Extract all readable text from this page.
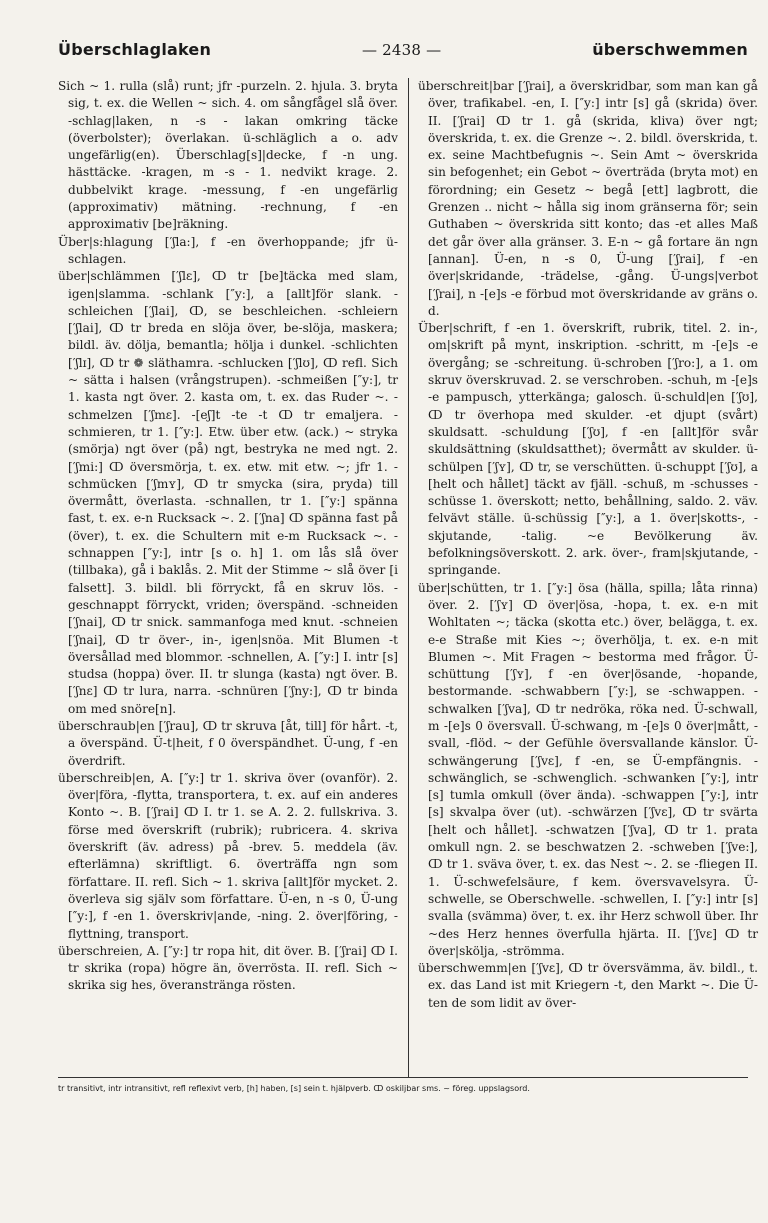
Überschlaglaken	— 2438 —	überschwemmen

Sich ~ 1. rulla (slå) runt; jfr -purzeln. 2. hjula. 3. bryta sig, t. ex. die Wellen ~ sich. 4. om sångfågel slå över. -schlag|laken, n -s - lakan omkring täcke (överbolster); överlakan. ü-schläglich a o. adv ungefärlig(en). Überschlag[s]|decke, f -n ung. hästtäcke. -kragen, m -s - 1. nedvikt krage. 2. dubbelvikt krage. -messung, f -en ungefärlig (approximativ) mätning. -rechnung, f -en approximativ [be]räkning.

Über|s:hlagung [′ʃla:], f -en överhoppande; jfr ü-schlagen.

über|schlämmen [′ʃlɛ], ↀ tr [be]täcka med slam, igen|slamma. -schlank [″y:], a [allt]för slank. -schleichen [′ʃlai], ↀ, se beschleichen. -schleiern [′ʃlai], ↀ tr breda en slöja över, be-slöja, maskera; bildl. äv. dölja, bemantla; hölja i dunkel. -schlichten [′ʃlɪ], ↀ tr ❁ släthamra. -schlucken [′ʃlʊ], ↀ refl. Sich ~ sätta i halsen (vrångstrupen). -schmeißen [″y:], tr 1. kasta ngt över. 2. kasta om, t. ex. das Ruder ~. -schmelzen [′ʃmɛ]. -[eʃ]t -te -t ↀ tr emaljera. -schmieren, tr 1. [″y:]. Etw. über etw. (ack.) ~ stryka (smörja) ngt över (på) ngt, bestryka ne med ngt. 2. [′ʃmi:] ↀ översmörja, t. ex. etw. mit etw. ~; jfr 1. -schmücken [′ʃmʏ], ↀ tr smycka (sira, pryda) till övermått, överlasta. -schnallen, tr 1. [″y:] spänna fast, t. ex. e-n Rucksack ~. 2. [′ʃna] ↀ spänna fast på (över), t. ex. die Schultern mit e-m Rucksack ~. -schnappen [″y:], intr [s o. h] 1. om lås slå över (tillbaka), gå i baklås. 2. Mit der Stimme ~ slå över [i falsett]. 3. bildl. bli förryckt, få en skruv lös. -geschnappt förryckt, vriden; överspänd. -schneiden [′ʃnai], ↀ tr snick. sammanfoga med knut. -schneien [′ʃnai], ↀ tr över-, in-, igen|snöa. Mit Blumen -t översållad med blommor. -schnellen, A. [″y:] I. intr [s] studsa (hoppa) över. II. tr slunga (kasta) ngt över. B. [′ʃnɛ] ↀ tr lura, narra. -schnüren [′ʃny:], ↀ tr binda om med snöre[n].

überschraub|en [′ʃrau], ↀ tr skruva [åt, till] för hårt. -t, a överspänd. Ü-t|heit, f 0 överspändhet. Ü-ung, f -en överdrift.

überschreib|en, A. [″y:] tr 1. skriva över (ovanför). 2. över|föra, -flytta, transportera, t. ex. auf ein anderes Konto ~. B. [′ʃrai] ↀ I. tr 1. se A. 2. 2. fullskriva. 3. förse med överskrift (rubrik); rubricera. 4. skriva överskrift (äv. adress) på -brev. 5. meddela (äv. efterlämna) skriftligt. 6. överträffa ngn som författare. II. refl. Sich ~ 1. skriva [allt]för mycket. 2. överleva sig själv som författare. Ü-en, n -s 0, Ü-ung [″y:], f -en 1. överskriv|ande, -ning. 2. över|föring, -flyttning, transport.

überschreien, A. [″y:] tr ropa hit, dit över. B. [′ʃrai] ↀ I. tr skrika (ropa) högre än, överrösta. II. refl. Sich ~ skrika sig hes, överanstränga rösten.

überschreit|bar [′ʃrai], a överskridbar, som man kan gå över, trafikabel. -en, I. [″y:] intr [s] gå (skrida) över. II. [′ʃrai] ↀ tr 1. gå (skrida, kliva) över ngt; överskrida, t. ex. die Grenze ~. 2. bildl. överskrida, t. ex. seine Machtbefugnis ~. Sein Amt ~ överskrida sin befogenhet; ein Gebot ~ överträda (bryta mot) en förordning; ein Gesetz ~ begå [ett] lagbrott, die Grenzen .. nicht ~ hålla sig inom gränserna för; sein Guthaben ~ överskrida sitt konto; das -et alles Maß det går över alla gränser. 3. E-n ~ gå fortare än ngn [annan]. Ü-en, n -s 0, Ü-ung [′ʃrai], f -en över|skridande, -trädelse, -gång. Ü-ungs|verbot [′ʃrai], n -[e]s -e förbud mot överskridande av gräns o. d.

Über|schrift, f -en 1. överskrift, rubrik, titel. 2. in-, om|skrift på mynt, inskription. -schritt, m -[e]s -e övergång; se -schreitung. ü-schroben [′ʃro:], a 1. om skruv överskruvad. 2. se verschroben. -schuh, m -[e]s -e pampusch, ytterkänga; galosch. ü-schuld|en [′ʃʊ], ↀ tr överhopa med skulder. -et djupt (svårt) skuldsatt. -schuldung [′ʃʊ], f -en [allt]för svår skuldsättning (skuldsatthet); övermått av skulder. ü-schülpen [′ʃʏ], ↀ tr, se verschütten. ü-schuppt [′ʃʊ], a [helt och hållet] täckt av fjäll. -schuß, m -schusses -schüsse 1. överskott; netto, behållning, saldo. 2. väv. felvävt ställe. ü-schüssig [″y:], a 1. över|skotts-, -skjutande, -talig. ~e Bevölkerung äv. befolkningsöverskott. 2. ark. över-, fram|skjutande, -springande.

über|schütten, tr 1. [″y:] ösa (hälla, spilla; låta rinna) över. 2. [′ʃʏ] ↀ över|ösa, -hopa, t. ex. e-n mit Wohltaten ~; täcka (skotta etc.) över, belägga, t. ex. e-e Straße mit Kies ~; överhölja, t. ex. e-n mit Blumen ~. Mit Fragen ~ bestorma med frågor. Ü-schüttung [′ʃʏ], f -en över|ösande, -hopande, bestormande. -schwabbern [″y:], se -schwappen. -schwalken [′ʃva], ↀ tr nedröka, röka ned. Ü-schwall, m -[e]s 0 översvall. Ü-schwang, m -[e]s 0 över|mått, -svall, -flöd. ~ der Gefühle översvallande känslor. Ü-schwängerung [′ʃvɛ], f -en, se Ü-empfängnis. -schwänglich, se -schwenglich. -schwanken [″y:], intr [s] tumla omkull (över ända). -schwappen [″y:], intr [s] skvalpa över (ut). -schwärzen [′ʃvɛ], ↀ tr svärta [helt och hållet]. -schwatzen [′ʃva], ↀ tr 1. prata omkull ngn. 2. se beschwatzen 2. -schweben [′ʃve:], ↀ tr 1. sväva över, t. ex. das Nest ~. 2. se -fliegen II. 1. Ü-schwefelsäure, f kem. översvavelsyra. Ü-schwelle, se Oberschwelle. -schwellen, I. [″y:] intr [s] svalla (svämma) över, t. ex. ihr Herz schwoll über. Ihr ~des Herz hennes överfulla hjärta. II. [′ʃvɛ] ↀ tr över|skölja, -strömma.

überschwemm|en [′ʃvɛ], ↀ tr översvämma, äv. bildl., t. ex. das Land ist mit Kriegern -t, den Markt ~. Die Ü-ten de som lidit av över-

tr transitivt, intr intransitivt, refl reflexivt verb, [h] haben, [s] sein t. hjälpverb. ↀ oskiljbar sms. ~ föreg. uppslagsord.
